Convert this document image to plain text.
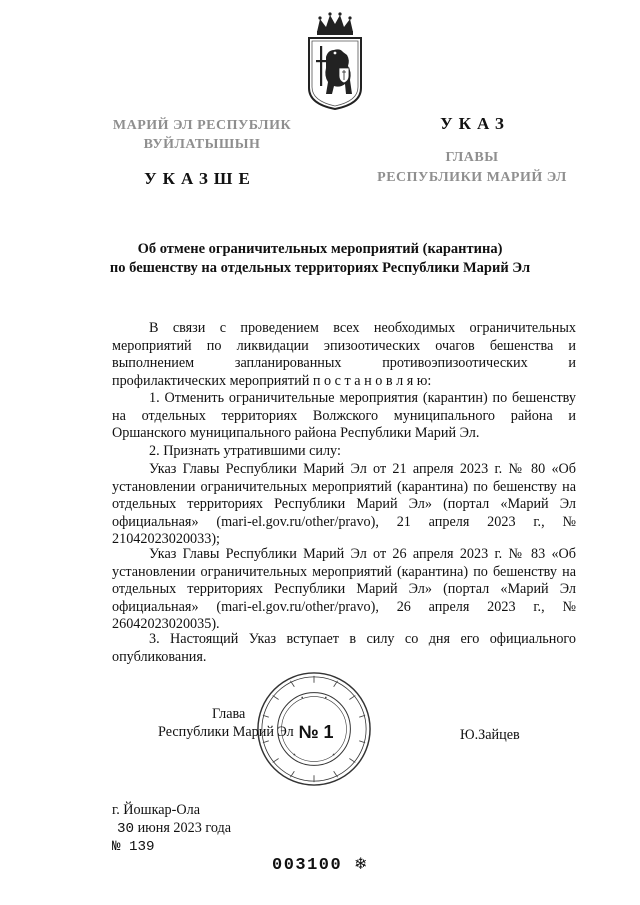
МАРИЙ ЭЛ РЕСПУБЛИК
ВУЙЛАТЫШЫН
УКАЗШЕ
УКАЗ
ГЛАВЫ
РЕСПУБЛИКИ МАРИЙ ЭЛ
Об отмене ограничительных мероприятий (карантина)
по бешенству на отдельных территориях Республики Марий Эл
В связи с проведением всех необходимых ограничительных мероприятий по ликвидации эпизоотических очагов бешенства и выполнением запланированных противоэпизоотических и профилактических мероприятий п о с т а н о в л я ю:
1. Отменить ограничительные мероприятия (карантин) по бешенству на отдельных территориях Волжского муниципального района и Оршанского муниципального района Республики Марий Эл.
2. Признать утратившими силу:
Указ Главы Республики Марий Эл от 21 апреля 2023 г. № 80 «Об установлении ограничительных мероприятий (карантина) по бешенству на отдельных территориях Республики Марий Эл» (портал «Марий Эл официальная» (mari-el.gov.ru/other/pravo), 21 апреля 2023 г., № 21042023020033);
Указ Главы Республики Марий Эл от 26 апреля 2023 г. № 83 «Об установлении ограничительных мероприятий (карантина) по бешенству на отдельных территориях Республики Марий Эл» (портал «Марий Эл официальная» (mari-el.gov.ru/other/pravo), 26 апреля 2023 г., № 26042023020035).
3. Настоящий Указ вступает в силу со дня его официального опубликования.
№ 1
Глава
Республики Марий Эл	Ю.Зайцев
г. Йошкар-Ола
30 июня 2023 года
№ 139
003100 ❄
